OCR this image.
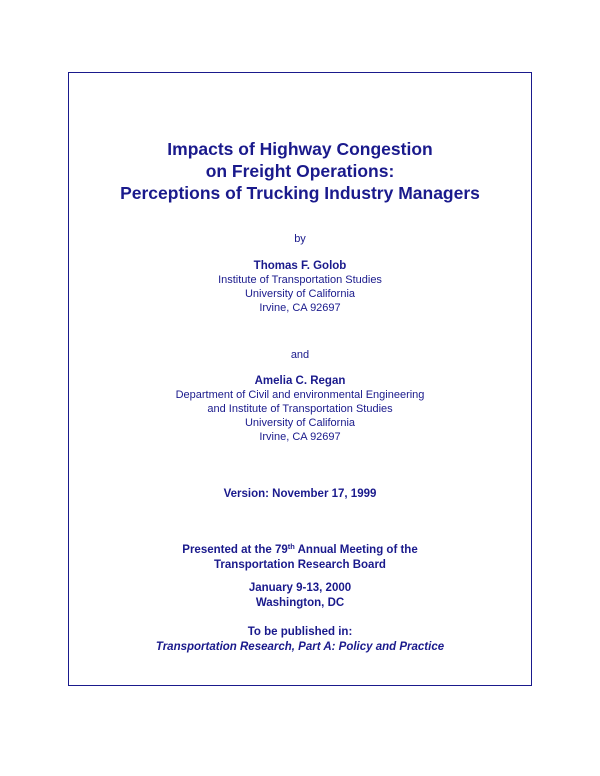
Impacts of Highway Congestion
on Freight Operations:
Perceptions of Trucking Industry Managers
by
Thomas F. Golob
Institute of Transportation Studies
University of California
Irvine, CA 92697
and
Amelia C. Regan
Department of Civil and environmental Engineering
and Institute of Transportation Studies
University of California
Irvine, CA 92697
Version: November 17, 1999
Presented at the 79th Annual Meeting of the
Transportation Research Board
January 9-13, 2000
Washington, DC
To be published in:
Transportation Research, Part A: Policy and Practice
